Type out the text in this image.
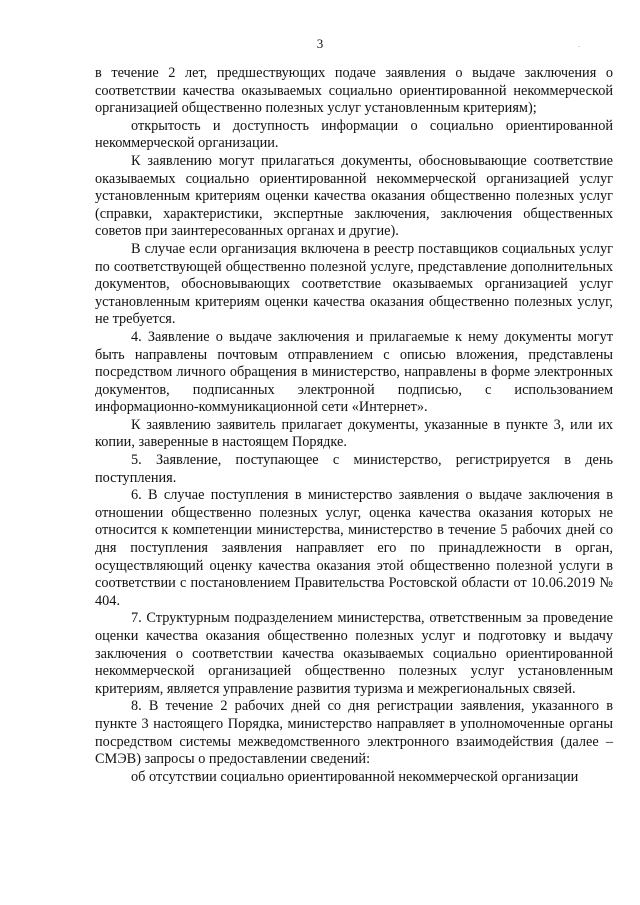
3	.

в течение 2 лет, предшествующих подаче заявления о выдаче заключения о соответствии качества оказываемых социально ориентированной некоммерческой организацией общественно полезных услуг установленным критериям);

открытость и доступность информации о социально ориентированной некоммерческой организации.

К заявлению могут прилагаться документы, обосновывающие соответствие оказываемых социально ориентированной некоммерческой организацией услуг установленным критериям оценки качества оказания общественно полезных услуг (справки, характеристики, экспертные заключения, заключения общественных советов при заинтересованных органах и другие).

В случае если организация включена в реестр поставщиков социальных услуг по соответствующей общественно полезной услуге, представление дополнительных документов, обосновывающих соответствие оказываемых организацией услуг установленным критериям оценки качества оказания общественно полезных услуг, не требуется.

4. Заявление о выдаче заключения и прилагаемые к нему документы могут быть направлены почтовым отправлением с описью вложения, представлены посредством личного обращения в министерство, направлены в форме электронных документов, подписанных электронной подписью, с использованием информационно-коммуникационной сети «Интернет».

К заявлению заявитель прилагает документы, указанные в пункте 3, или их копии, заверенные в настоящем Порядке.

5. Заявление, поступающее с министерство, регистрируется в день поступления.

6. В случае поступления в министерство заявления о выдаче заключения в отношении общественно полезных услуг, оценка качества оказания которых не относится к компетенции министерства, министерство в течение 5 рабочих дней со дня поступления заявления направляет его по принадлежности в орган, осуществляющий оценку качества оказания этой общественно полезной услуги в соответствии с постановлением Правительства Ростовской области от 10.06.2019 № 404.

7. Структурным подразделением министерства, ответственным за проведение оценки качества оказания общественно полезных услуг и подготовку и выдачу заключения о соответствии качества оказываемых социально ориентированной некоммерческой организацией общественно полезных услуг установленным критериям, является управление развития туризма и межрегиональных связей.

8. В течение 2 рабочих дней со дня регистрации заявления, указанного в пункте 3 настоящего Порядка, министерство направляет в уполномоченные органы посредством системы межведомственного электронного взаимодействия (далее – СМЭВ) запросы о предоставлении сведений:

об отсутствии социально ориентированной некоммерческой организации
